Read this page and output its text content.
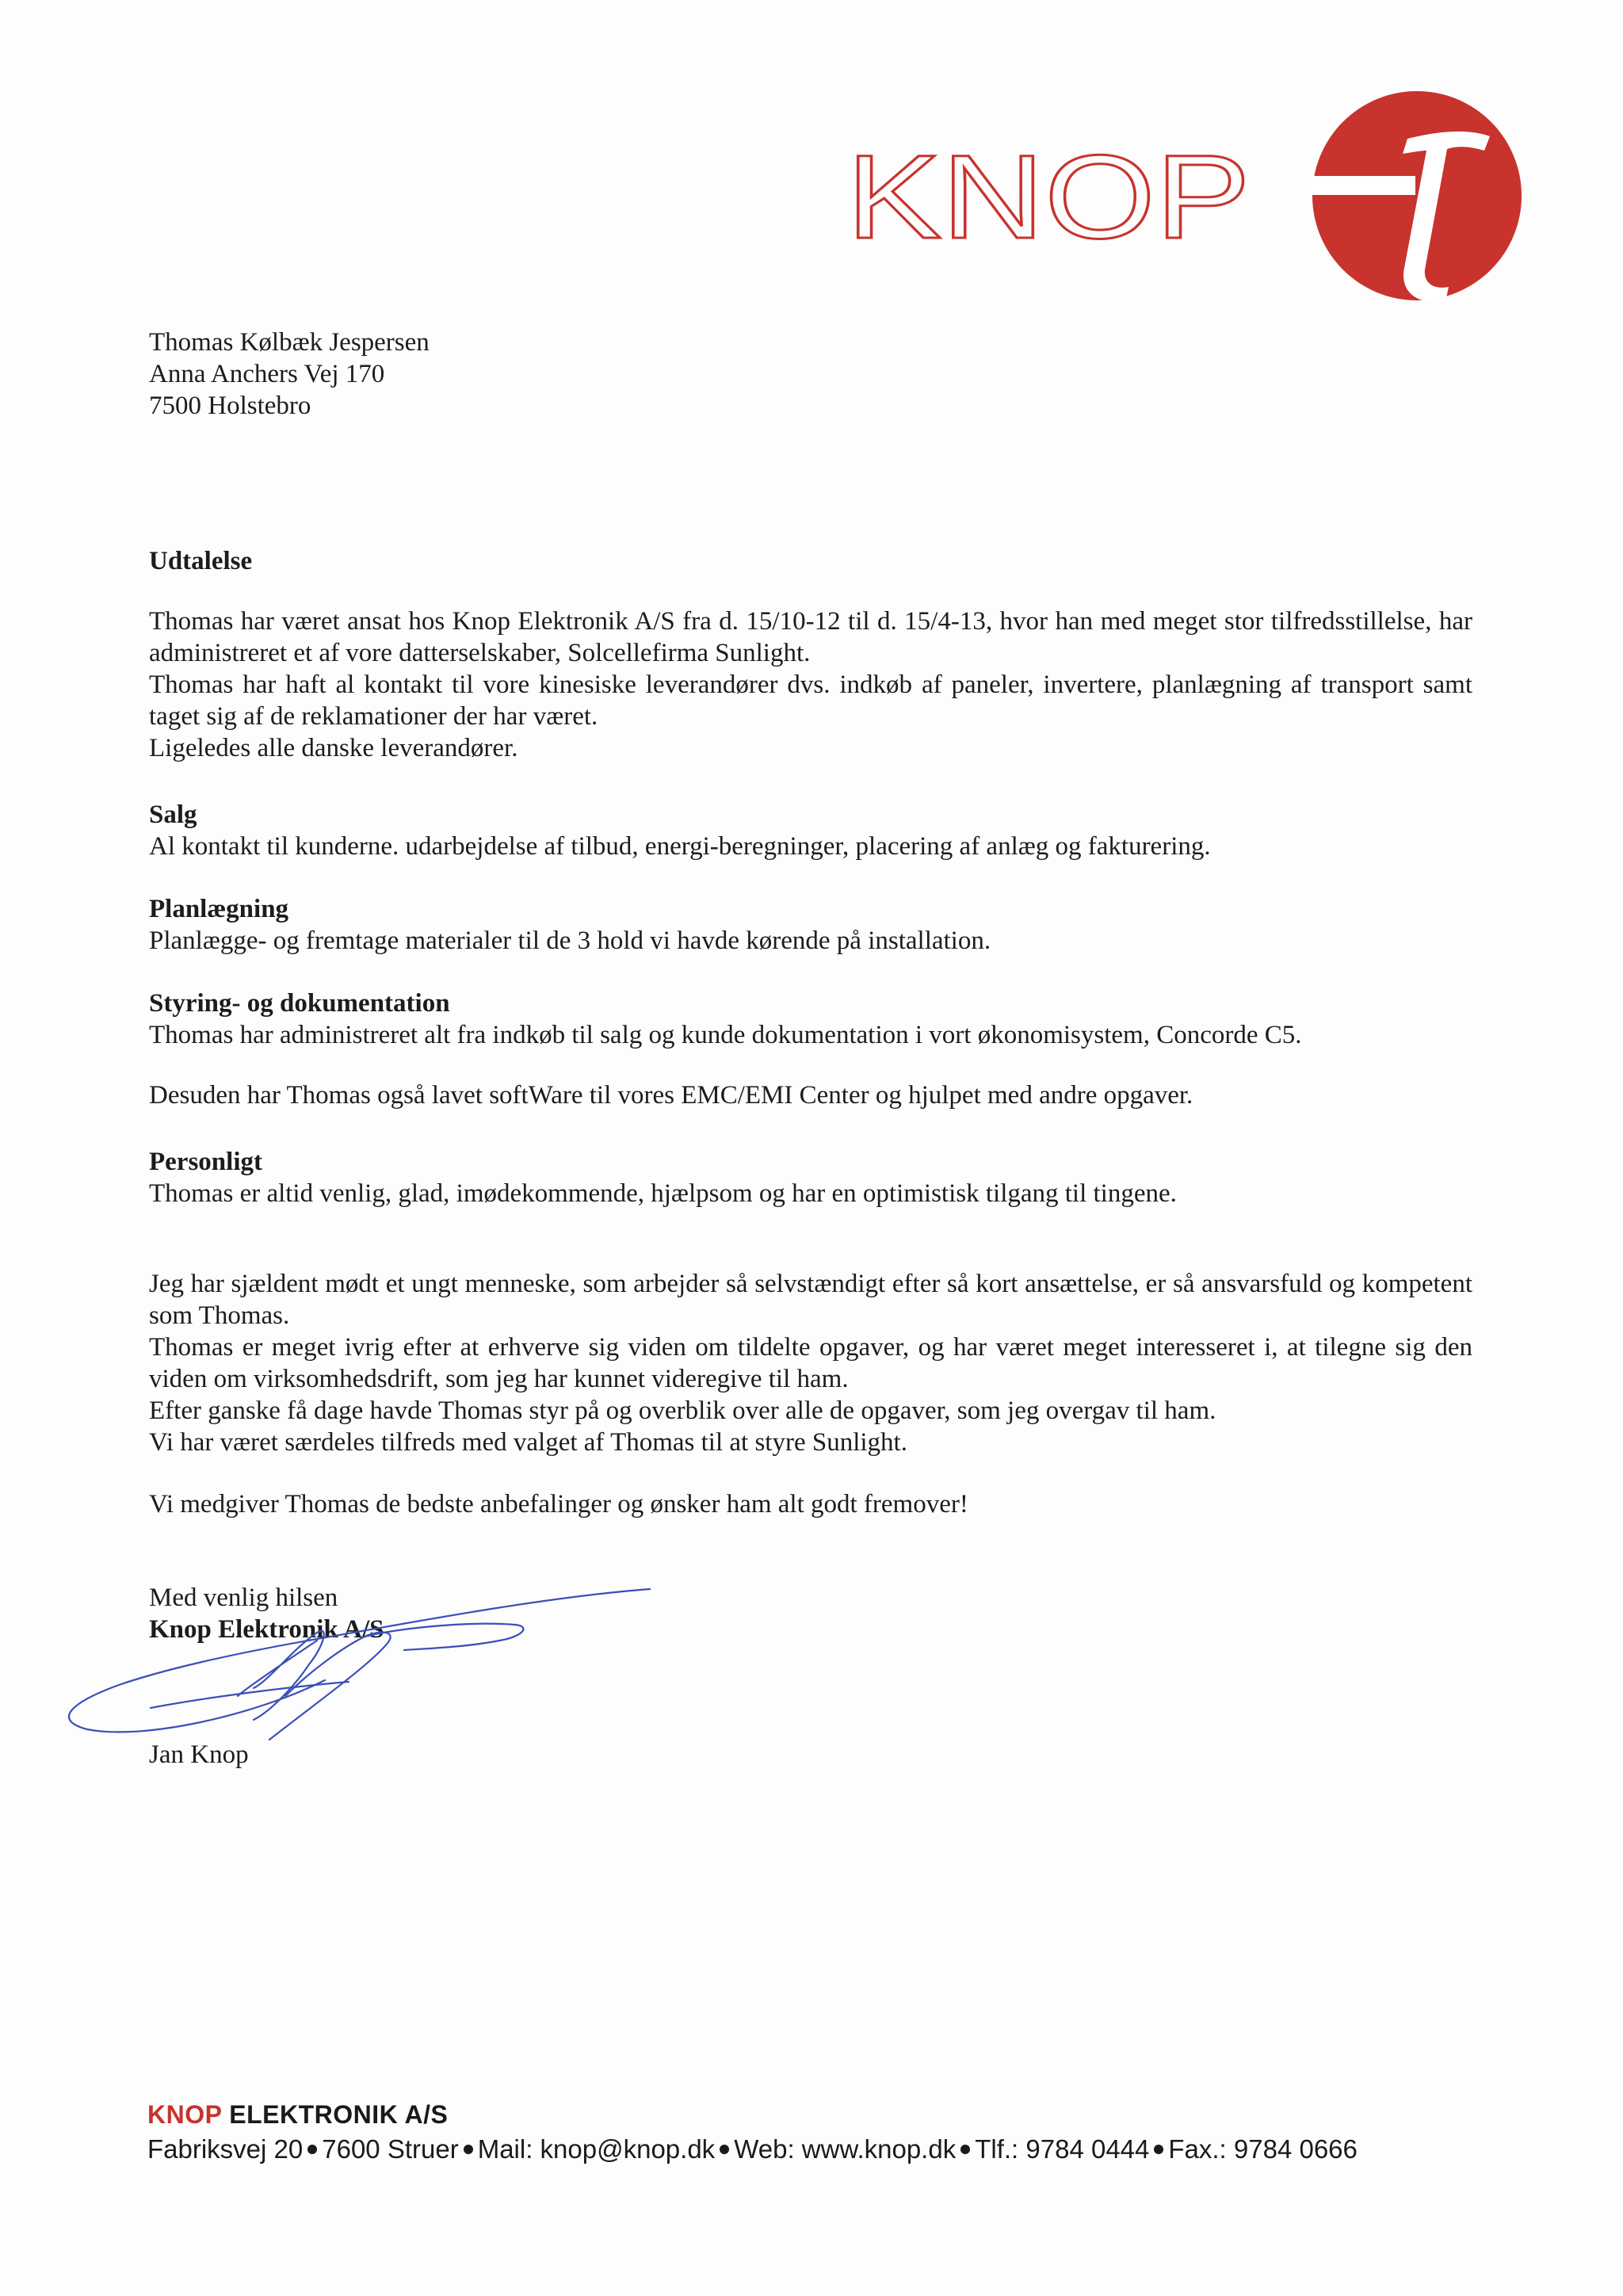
KNOP

Thomas Kølbæk Jespersen

Anna Anchers Vej 170

7500 Holstebro

Udtalelse

Thomas har været ansat hos Knop Elektronik A/S fra d. 15/10-12 til d. 15/4-13, hvor han med meget stor tilfredsstillelse, har administreret et af vore datterselskaber, Solcellefirma Sunlight.

Thomas har haft al kontakt til vore kinesiske leverandører dvs. indkøb af paneler, invertere, planlægning af transport samt taget sig af de reklamationer der har været.

Ligeledes alle danske leverandører.

Salg

Al kontakt til kunderne. udarbejdelse af tilbud, energi-beregninger, placering af anlæg og fakturering.

Planlægning

Planlægge- og fremtage materialer til de 3 hold vi havde kørende på installation.

Styring- og dokumentation

Thomas har administreret alt fra indkøb til salg og kunde dokumentation i vort økonomisystem, Concorde C5.

Desuden har Thomas også lavet softWare til vores EMC/EMI Center og hjulpet med andre opgaver.

Personligt

Thomas er altid venlig, glad, imødekommende, hjælpsom og har en optimistisk tilgang til tingene.

Jeg har sjældent mødt et ungt menneske, som arbejder så selvstændigt efter så kort ansættelse, er så ansvarsfuld og kompetent som Thomas.

Thomas er meget ivrig efter at erhverve sig viden om tildelte opgaver, og har været meget interesseret i, at tilegne sig den viden om virksomhedsdrift, som jeg har kunnet videregive til ham.

Efter ganske få dage havde Thomas styr på og overblik over alle de opgaver, som jeg overgav til ham.

Vi har været særdeles tilfreds med valget af Thomas til at styre Sunlight.

Vi medgiver Thomas de bedste anbefalinger og ønsker ham alt godt fremover!

Med venlig hilsen

Knop Elektronik A/S

Jan Knop
KNOP ELEKTRONIK A/S
Fabriksvej 20 7600 Struer Mail: knop@knop.dk Web: www.knop.dk Tlf.: 9784 0444 Fax.: 9784 0666
